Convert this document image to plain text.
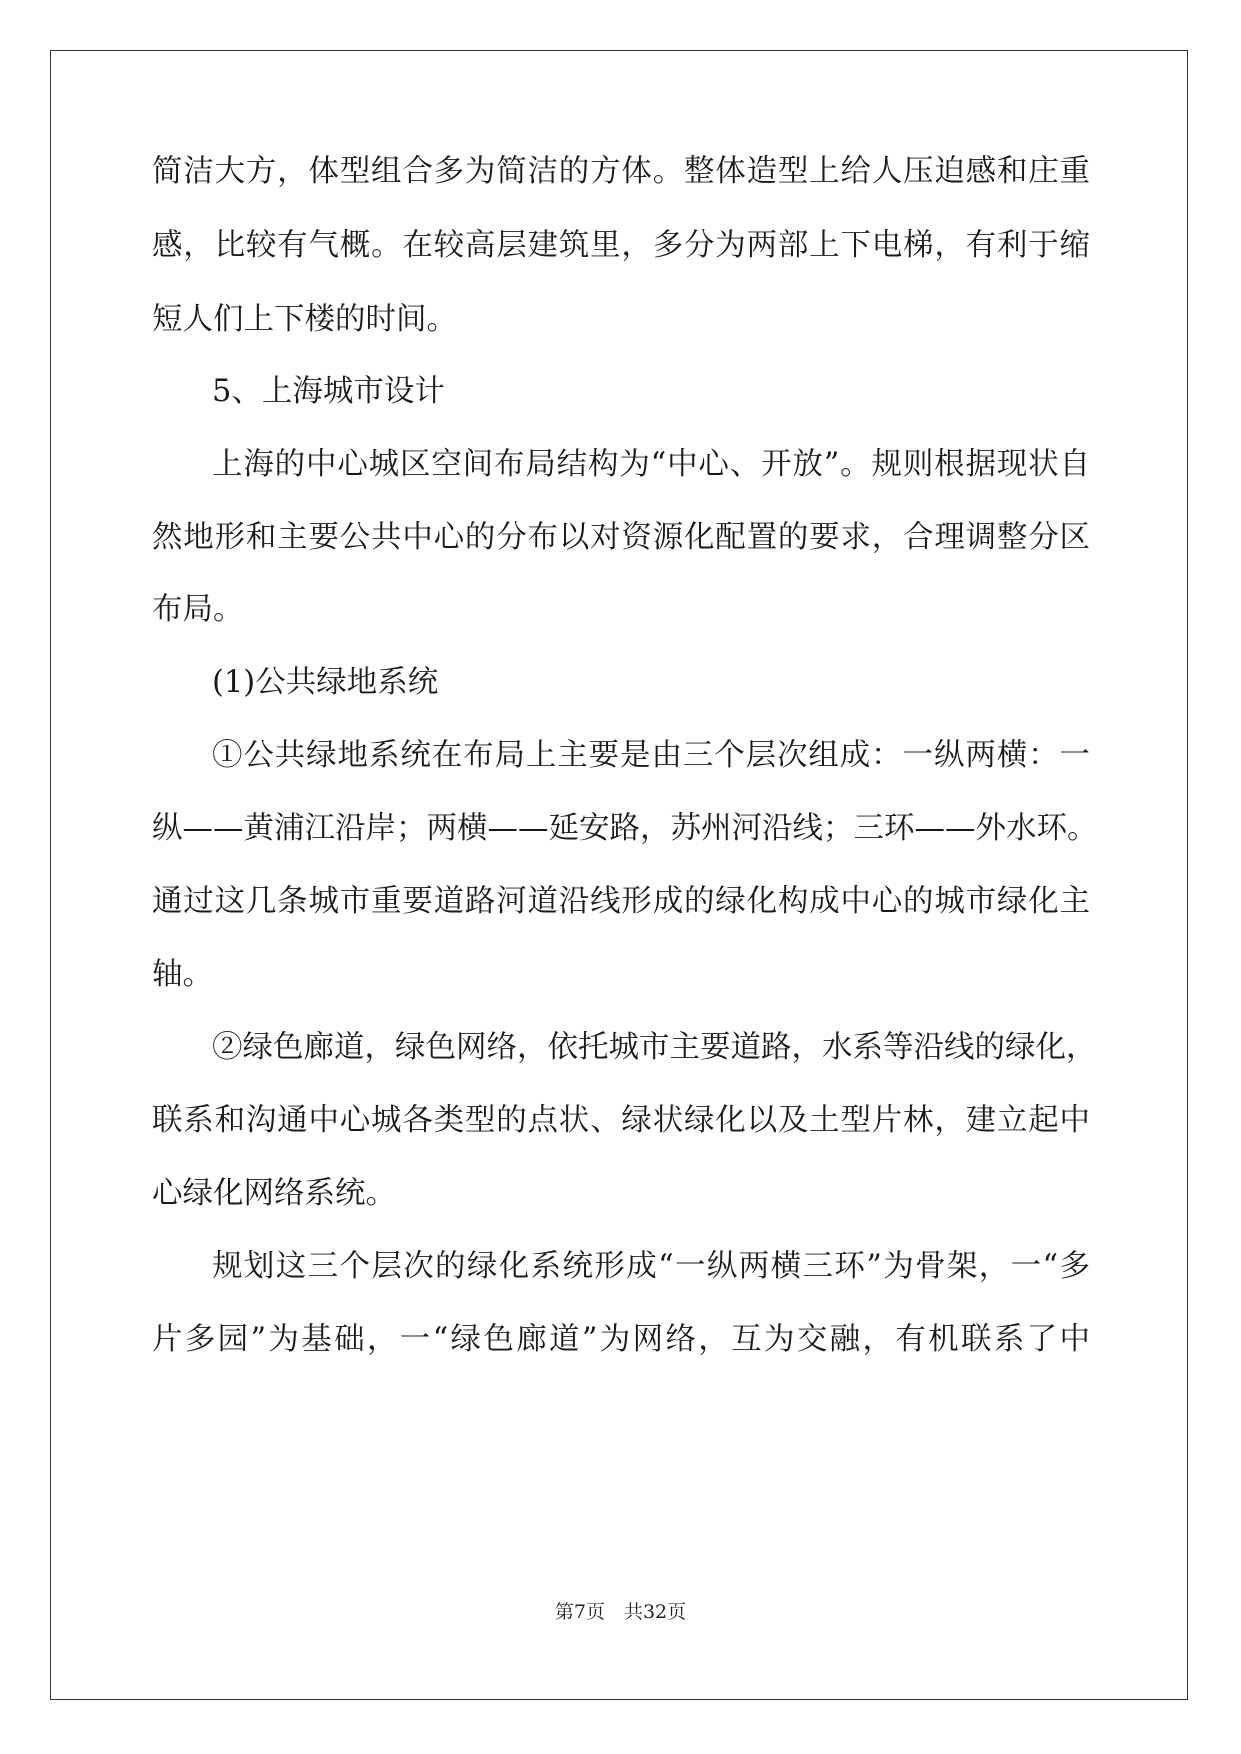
简洁大方，体型组合多为简洁的方体。整体造型上给人压迫感和庄重
感，比较有气概。在较高层建筑里，多分为两部上下电梯，有利于缩
短人们上下楼的时间。
5、上海城市设计
上海的中心城区空间布局结构为“中心、开放”。规则根据现状自
然地形和主要公共中心的分布以对资源化配置的要求，合理调整分区
布局。
(1)公共绿地系统
①公共绿地系统在布局上主要是由三个层次组成：一纵两横：一
纵——黄浦江沿岸；两横——延安路，苏州河沿线；三环——外水环。
通过这几条城市重要道路河道沿线形成的绿化构成中心的城市绿化主
轴。
②绿色廊道，绿色网络，依托城市主要道路，水系等沿线的绿化，
联系和沟通中心城各类型的点状、绿状绿化以及土型片林，建立起中
心绿化网络系统。
规划这三个层次的绿化系统形成“一纵两横三环”为骨架，一“多
片多园”为基础，一“绿色廊道”为网络，互为交融，有机联系了中
第7页　共32页
